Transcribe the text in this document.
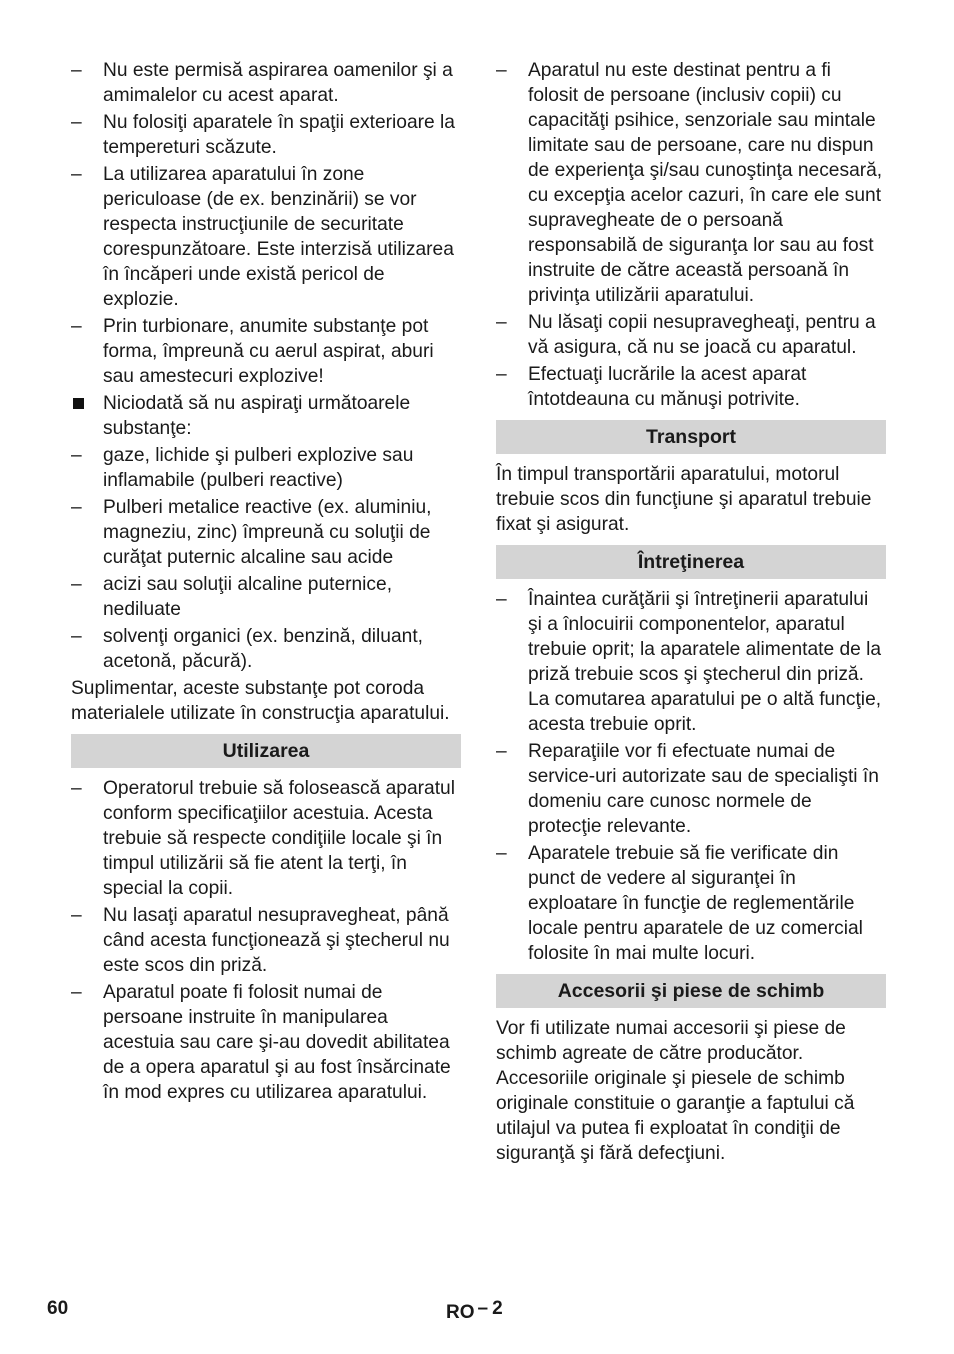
–
Nu este permisă aspirarea oamenilor şi a amimalelor cu acest aparat.
–
Nu folosiţi aparatele în spaţii exterioare la tempereturi scăzute.
–
La utilizarea aparatului în zone periculoase (de ex. benzinării) se vor respecta instrucţiunile de securitate corespunzătoare. Este interzisă utilizarea în încăperi unde există pericol de explozie.
–
Prin turbionare, anumite substanţe pot forma, împreună cu aerul aspirat, aburi sau amestecuri explozive!
Niciodată să nu aspiraţi următoarele substanţe:
–
gaze, lichide şi pulberi explozive sau inflamabile (pulberi reactive)
–
Pulberi metalice reactive (ex. aluminiu, magneziu, zinc) împreună cu soluţii de curăţat puternic alcaline sau acide
–
acizi sau soluţii alcaline puternice, nediluate
–
solvenţi organici (ex. benzină, diluant, acetonă, păcură).

Suplimentar, aceste substanţe pot coroda materialele utilizate în construcţia aparatului.

Utilizarea
–
Operatorul trebuie să folosească aparatul conform specificaţiilor acestuia. Acesta trebuie să respecte condiţiile locale şi în timpul utilizării să fie atent la terţi, în special la copii.
–
Nu lasaţi aparatul nesupravegheat, până când acesta funcţionează şi ştecherul nu este scos din priză.
–
Aparatul poate fi folosit numai de persoane instruite în manipularea acestuia sau care şi-au dovedit abilitatea de a opera aparatul şi au fost însărcinate în mod expres cu utilizarea aparatului.
–
Aparatul nu este destinat pentru a fi folosit de persoane (inclusiv copii) cu capacităţi psihice, senzoriale sau mintale limitate sau de persoane, care nu dispun de experienţa şi/sau cunoştinţa necesară, cu excepţia acelor cazuri, în care ele sunt supravegheate de o persoană responsabilă de siguranţa lor sau au fost instruite de către această persoană în privinţa utilizării aparatului.
–
Nu lăsaţi copii nesupravegheaţi, pentru a vă asigura, că nu se joacă cu aparatul.
–
Efectuaţi lucrările la acest aparat întotdeauna cu mănuşi potrivite.
Transport

În timpul transportării aparatului, motorul trebuie scos din funcţiune şi aparatul trebuie fixat şi asigurat.

Întreţinerea
–
Înaintea curăţării şi întreţinerii aparatului şi a înlocuirii componentelor, aparatul trebuie oprit; la aparatele alimentate de la priză trebuie scos şi ştecherul din priză. La comutarea aparatului pe o altă funcţie, acesta trebuie oprit.
–
Reparaţiile vor fi efectuate numai de service-uri autorizate sau de specialişti în domeniu care cunosc normele de protecţie relevante.
–
Aparatele trebuie să fie verificate din punct de vedere al siguranţei în exploatare în funcţie de reglementările locale pentru aparatele de uz comercial folosite în mai multe locuri.
Accesorii şi piese de schimb

Vor fi utilizate numai accesorii şi piese de schimb agreate de către producător. Accesoriile originale şi piesele de schimb originale constituie o garanţie a faptului că utilajul va putea fi exploatat în condiţii de siguranţă şi fără defecţiuni.

60	RO – 2
